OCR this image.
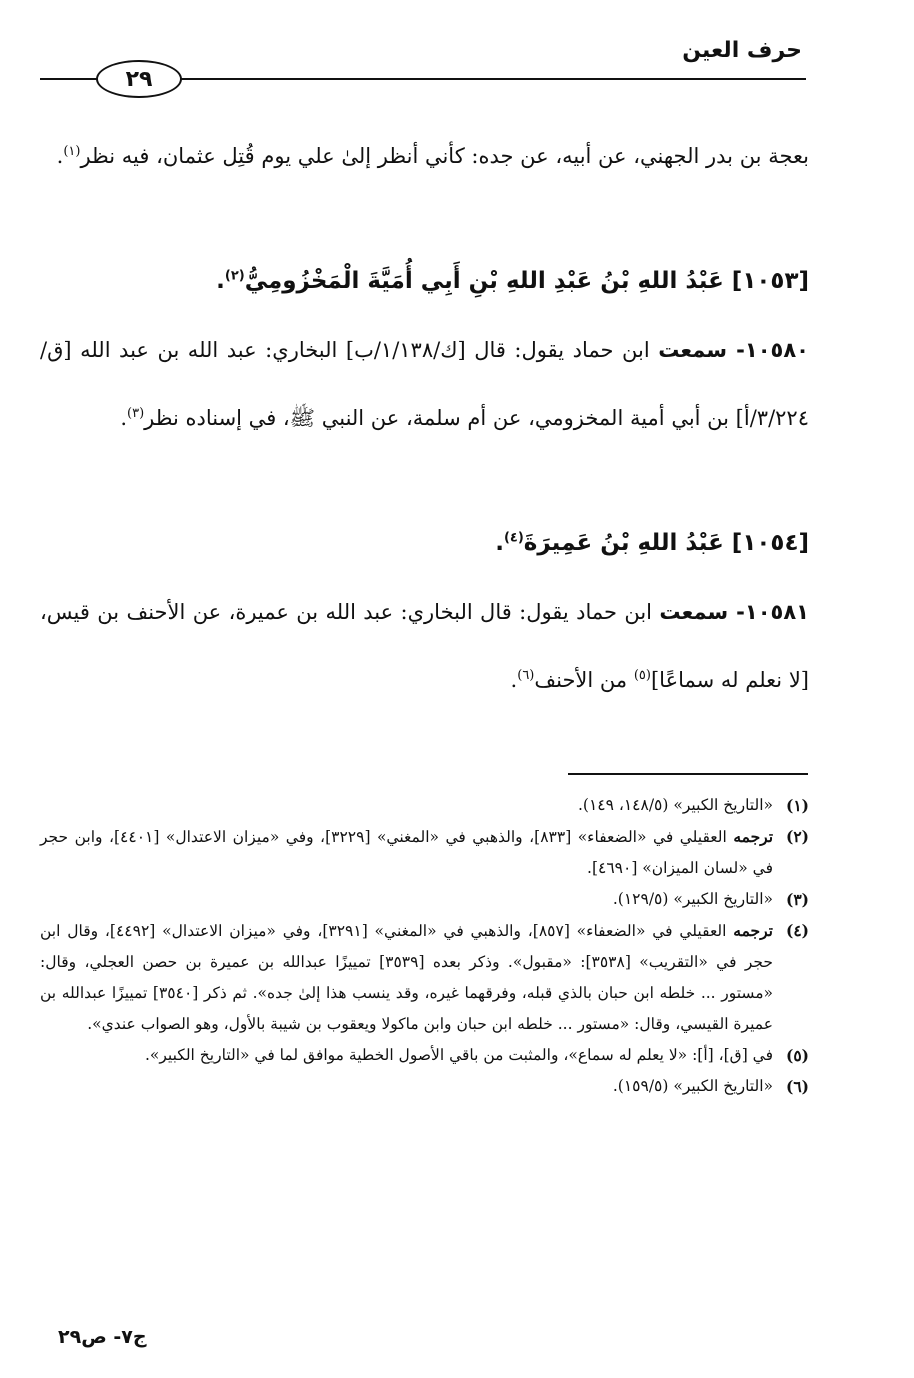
حرف العين
٢٩
بعجة بن بدر الجهني، عن أبيه، عن جده: كأني أنظر إلىٰ علي يوم قُتِل عثمان، فيه نظر$^{(١)}$.
[١٠٥٣] عَبْدُ اللهِ بْنُ عَبْدِ اللهِ بْنِ أَبِي أُمَيَّةَ الْمَخْزُومِيُّ$^{(٢)}$.
١٠٥٨٠- سمعت ابن حماد يقول: قال [ك/١/١٣٨/ب] البخاري: عبد الله بن عبد الله [ق/٣/٢٢٤/أ] بن أبي أمية المخزومي، عن أم سلمة، عن النبي ﷺ، في إسناده نظر$^{(٣)}$.
[١٠٥٤] عَبْدُ اللهِ بْنُ عَمِيرَةَ$^{(٤)}$.
١٠٥٨١- سمعت ابن حماد يقول: قال البخاري: عبد الله بن عميرة، عن الأحنف بن قيس، [لا نعلم له سماعًا]$^{(٥)}$ من الأحنف$^{(٦)}$.
(١)
«التاريخ الكبير» (١٤٨/٥، ١٤٩).
(٢)
ترجمه العقيلي في «الضعفاء» [٨٣٣]، والذهبي في «المغني» [٣٢٢٩]، وفي «ميزان الاعتدال» [٤٤٠١]، وابن حجر في «لسان الميزان» [٤٦٩٠].
(٣)
«التاريخ الكبير» (١٢٩/٥).
(٤)
ترجمه العقيلي في «الضعفاء» [٨٥٧]، والذهبي في «المغني» [٣٢٩١]، وفي «ميزان الاعتدال» [٤٤٩٢]، وقال ابن حجر في «التقريب» [٣٥٣٨]: «مقبول». وذكر بعده [٣٥٣٩] تمييزًا عبدالله بن عميرة بن حصن العجلي، وقال: «مستور ... خلطه ابن حبان بالذي قبله، وفرقهما غيره، وقد ينسب هذا إلىٰ جده». ثم ذكر [٣٥٤٠] تمييزًا عبدالله بن عميرة القيسي، وقال: «مستور ... خلطه ابن حبان وابن ماكولا ويعقوب بن شيبة بالأول، وهو الصواب عندي».
(٥)
في [ق]، [أ]: «لا يعلم له سماع»، والمثبت من باقي الأصول الخطية موافق لما في «التاريخ الكبير».
(٦)
«التاريخ الكبير» (١٥٩/٥).
ج٧- ص٢٩
